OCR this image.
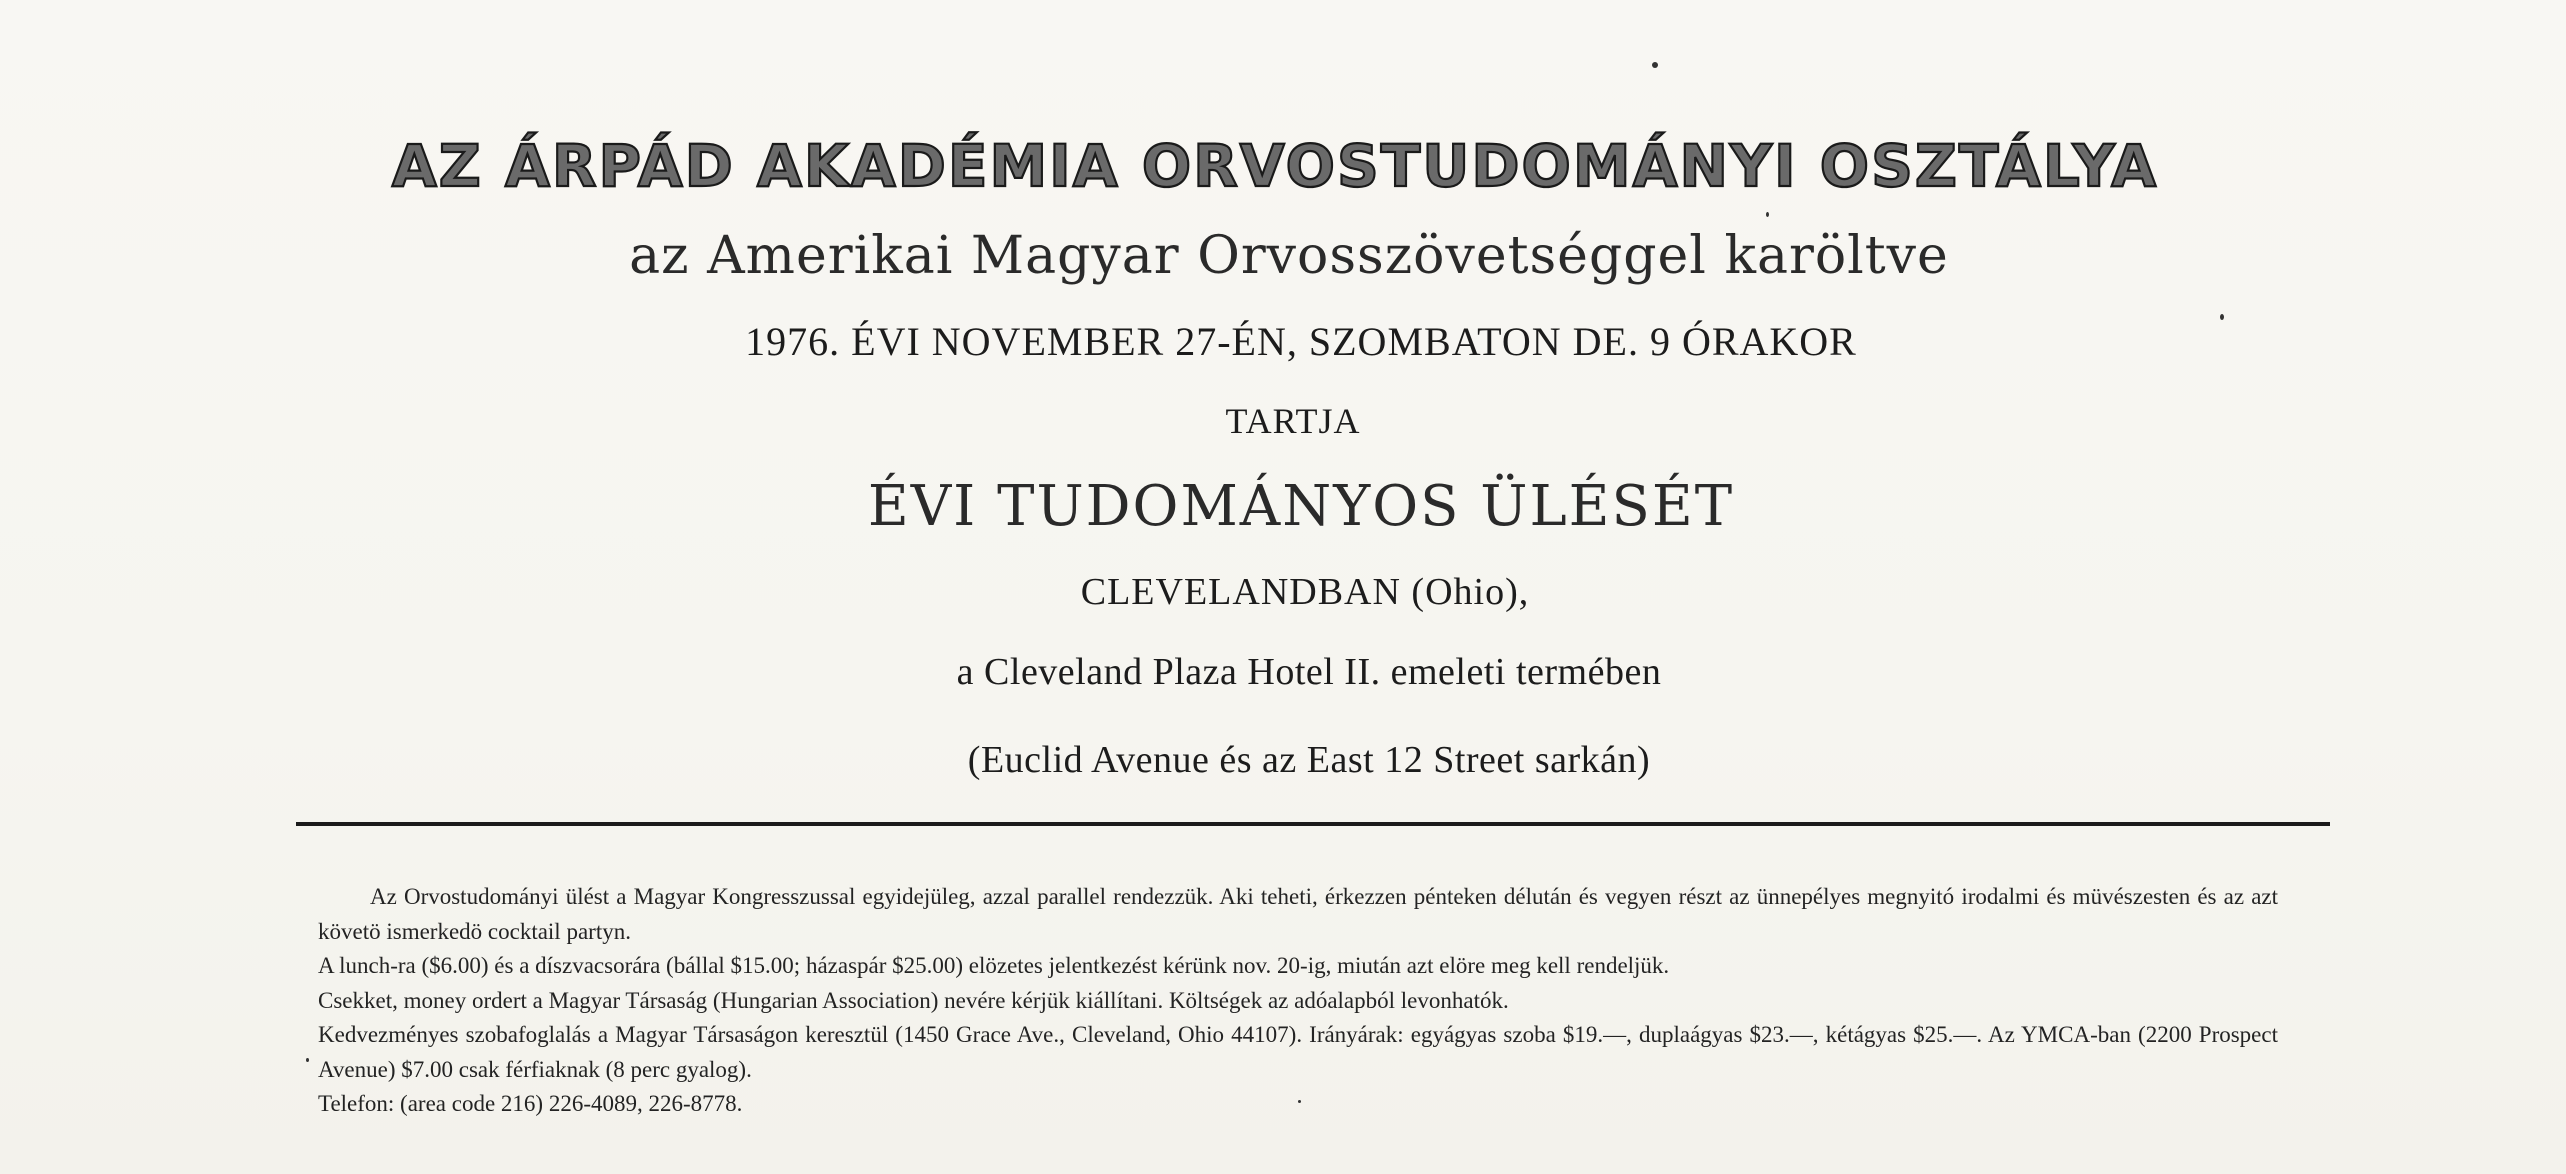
AZ ÁRPÁD AKADÉMIA ORVOSTUDOMÁNYI OSZTÁLYA
az Amerikai Magyar Orvosszövetséggel karöltve
1976. ÉVI NOVEMBER 27-ÉN, SZOMBATON DE. 9 ÓRAKOR
TARTJA
ÉVI TUDOMÁNYOS ÜLÉSÉT
CLEVELANDBAN (Ohio),
a Cleveland Plaza Hotel II. emeleti termében
(Euclid Avenue és az East 12 Street sarkán)
Az Orvostudományi ülést a Magyar Kongresszussal egyidejüleg, azzal parallel rendezzük. Aki teheti, érkezzen pénteken délután és vegyen részt az ünnepélyes megnyitó irodalmi és müvészesten és az azt követö ismerkedö cocktail partyn.
A lunch-ra ($6.00) és a díszvacsorára (bállal $15.00; házaspár $25.00) elözetes jelentkezést kérünk nov. 20-ig, miután azt elöre meg kell rendeljük.
Csekket, money ordert a Magyar Társaság (Hungarian Association) nevére kérjük kiállítani. Költségek az adóalapból levonhatók.
Kedvezményes szobafoglalás a Magyar Társaságon keresztül (1450 Grace Ave., Cleveland, Ohio 44107). Irányárak: egyágyas szoba $19.—, duplaágyas $23.—, kétágyas $25.—. Az YMCA-ban (2200 Prospect Avenue) $7.00 csak férfiaknak (8 perc gyalog).
Telefon: (area code 216) 226-4089, 226-8778.
